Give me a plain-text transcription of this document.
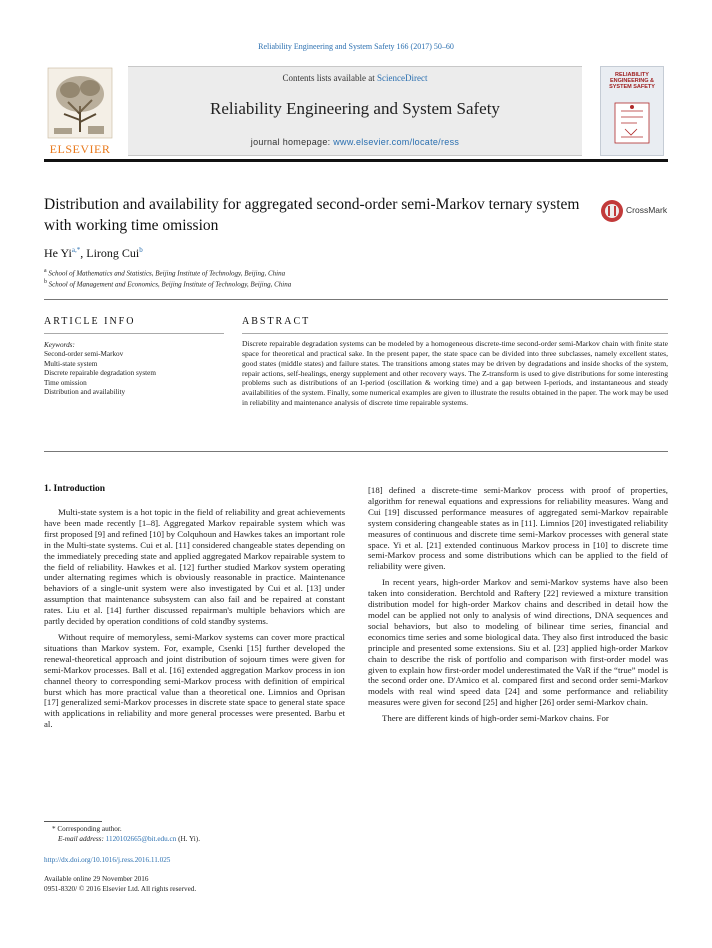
Reliability Engineering and System Safety 166 (2017) 50–60
ELSEVIER
Contents lists available at ScienceDirect
Reliability Engineering and System Safety
journal homepage: www.elsevier.com/locate/ress
RELIABILITY ENGINEERING & SYSTEM SAFETY
Distribution and availability for aggregated second-order semi-Markov ternary system with working time omission
CrossMark
He $Yi^{a,*}$, Lirong Cui$^b$
$^a$ School of Mathematics and Statistics, Beijing Institute of Technology, Beijing, China
$^b$ School of Management and Economics, Beijing Institute of Technology, Beijing, China
ARTICLE INFO	ABSTRACT
Keywords:
Second-order semi-Markov
Multi-state system
Discrete repairable degradation system
Time omission
Distribution and availability
Discrete repairable degradation systems can be modeled by a homogeneous discrete-time second-order semi-Markov chain with finite state space for theoretical and practical sake. In the present paper, the state space can be divided into three subclasses, namely excellent states, good states (middle states) and failure states. The transitions among states may be driven by degradations and inside shocks of the system, repair actions, self-healings, energy supplement and other recovery ways. The Z-transform is used to give distributions for some interesting problems such as distributions of an I-period (oscillation & working time) and a gap between I-periods, and instantaneous and steady availabilities of the system. Finally, some numerical examples are given to illustrate the results obtained in the paper. The work may be used in reliability and maintenance analysis of discrete time repairable systems.
1. Introduction

Multi-state system is a hot topic in the field of reliability and great achievements have been made recently [1–8]. Aggregated Markov repairable system which was first proposed [9] and refined [10] by Colquhoun and Hawkes takes an important role in the Multi-state systems. Cui et al. [11] considered changeable states depending on the immediately preceding state and applied aggregated Markov repairable system to the field of reliability. Hawkes et al. [12] further studied Markov system operating under alternating regimes which is obviously reasonable in practice. Maintenance behaviors of a single-unit system were also investigated by Cui et al. [13] under assumption that maintenance subsystem can also fail and be repaired at constant rates. Liu et al. [14] further discussed repairman's multiple behaviors which are partly decided by operation conditions of cold standby systems.

Without require of memoryless, semi-Markov systems can cover more practical situations than Markov system. For, example, Csenki [15] further developed the renewal-theoretical approach and joint distribution of sojourn times were given for semi-Markov processes. Ball et al. [16] extended aggregation Markov process in ion channel theory to corresponding semi-Markov process with definition of empirical burst which has more practical value than a theoretical one. Limnios and Oprisan [17] generalized semi-Markov processes in discrete state space to general state space with applications in reliability and more general processes were presented. Barbu et al.

[18] defined a discrete-time semi-Markov process with proof of properties, algorithm for renewal equations and expressions for reliability measures. Wang and Cui [19] discussed performance measures of aggregated semi-Markov repairable system considering changeable states as in [11]. Limnios [20] investigated reliability measures of continuous and discrete time semi-Markov processes with general state space. Yi et al. [21] extended continuous Markov process in [10] to discrete time semi-Markov process and some distributions which can be applied to the field of reliability were given.

In recent years, high-order Markov and semi-Markov systems have also been taken into consideration. Berchtold and Raftery [22] reviewed a mixture transition distribution model for high-order Markov chains and described in detail how the model can be applied not only to analysis of wind directions, DNA sequences and social behaviors, but also to modeling of bilinear time series, financial and economics time series and some biological data. They also first introduced the basic principle and presented some extensions. Siu et al. [23] applied high-order Markov chain to describe the risk of portfolio and comparison with first-order model was given to explain how first-order model underestimated the VaR if the “true” model is the second order one. D'Amico et al. compared first and second order semi-Markov models with real wind speed data [24] and some performance and reliability measures were given for second [25] and higher [26] order semi-Markov chain.

There are different kinds of high-order semi-Markov chains. For

* Corresponding author.
E-mail address: 1120102665@bit.edu.cn (H. Yi).
http://dx.doi.org/10.1016/j.ress.2016.11.025
Available online 29 November 2016
0951-8320/ © 2016 Elsevier Ltd. All rights reserved.
